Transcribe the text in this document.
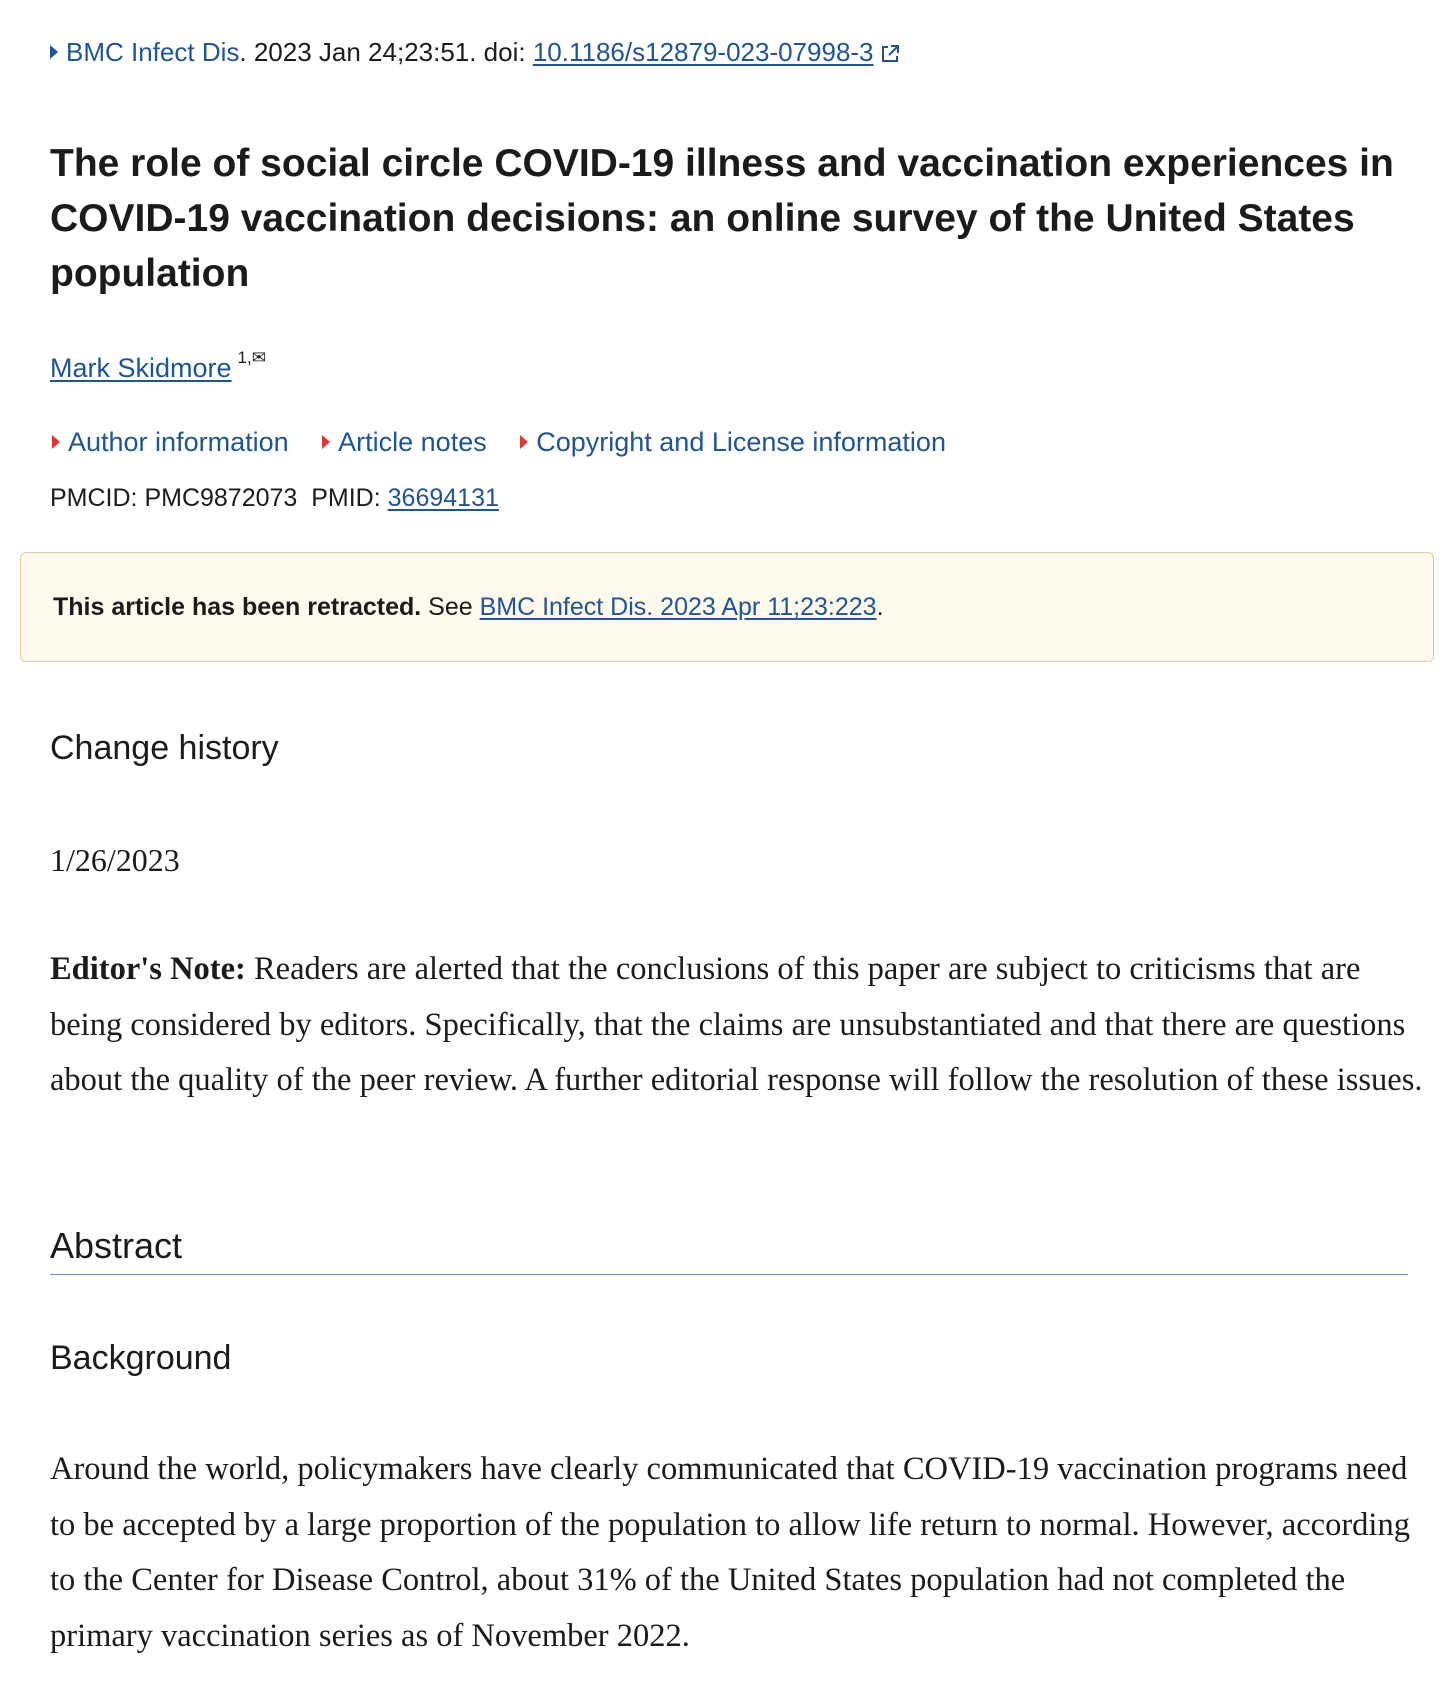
BMC Infect Dis. 2023 Jan 24;23:51. doi: 10.1186/s12879-023-07998-3
The role of social circle COVID-19 illness and vaccination experiences in COVID-19 vaccination decisions: an online survey of the United States population
Mark Skidmore $^{1,✉}$
Author information Article notes Copyright and License information
PMCID: PMC9872073 PMID: 36694131
This article has been retracted. See BMC Infect Dis. 2023 Apr 11;23:223.
Change history
1/26/2023

Editor's Note: Readers are alerted that the conclusions of this paper are subject to criticisms that are being considered by editors. Specifically, that the claims are unsubstantiated and that there are questions about the quality of the peer review. A further editorial response will follow the resolution of these issues.

Abstract
Background

Around the world, policymakers have clearly communicated that COVID-19 vaccination programs need to be accepted by a large proportion of the population to allow life return to normal. However, according to the Center for Disease Control, about 31% of the United States population had not completed the primary vaccination series as of November 2022.
